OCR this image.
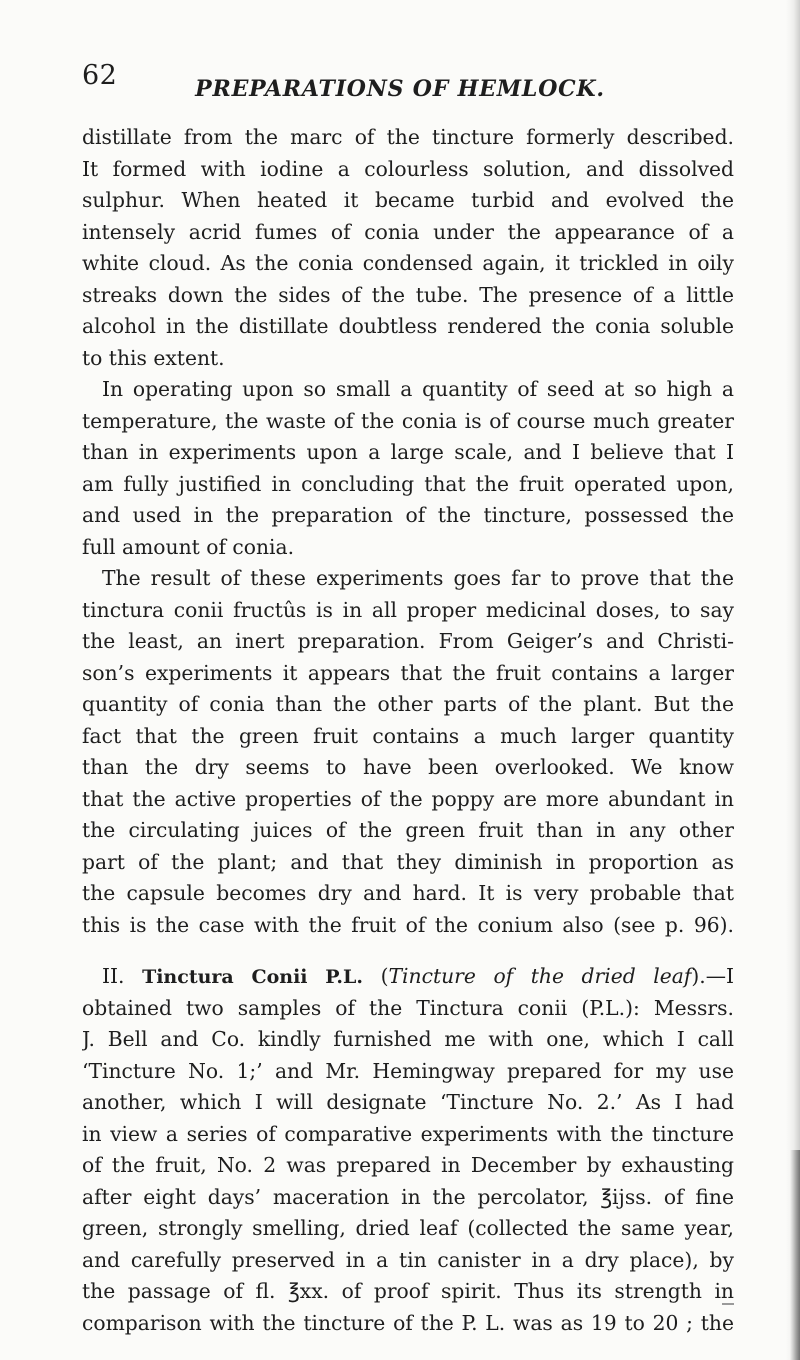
62	PREPARATIONS OF HEMLOCK.
distillate from the marc of the tincture formerly described.
It formed with iodine a colourless solution, and dissolved
sulphur. When heated it became turbid and evolved the
intensely acrid fumes of conia under the appearance of a
white cloud. As the conia condensed again, it trickled in oily
streaks down the sides of the tube. The presence of a little
alcohol in the distillate doubtless rendered the conia soluble
to this extent.
In operating upon so small a quantity of seed at so high a
temperature, the waste of the conia is of course much greater
than in experiments upon a large scale, and I believe that I
am fully justified in concluding that the fruit operated upon,
and used in the preparation of the tincture, possessed the
full amount of conia.
The result of these experiments goes far to prove that the
tinctura conii fructûs is in all proper medicinal doses, to say
the least, an inert preparation. From Geiger’s and Christi-
son’s experiments it appears that the fruit contains a larger
quantity of conia than the other parts of the plant. But the
fact that the green fruit contains a much larger quantity
than the dry seems to have been overlooked. We know
that the active properties of the poppy are more abundant in
the circulating juices of the green fruit than in any other
part of the plant; and that they diminish in proportion as
the capsule becomes dry and hard. It is very probable that
this is the case with the fruit of the conium also (see p. 96).
II. Tinctura Conii P.L. (Tincture of the dried leaf).—I
obtained two samples of the Tinctura conii (P.L.): Messrs.
J. Bell and Co. kindly furnished me with one, which I call
‘Tincture No. 1;’ and Mr. Hemingway prepared for my use
another, which I will designate ‘Tincture No. 2.’ As I had
in view a series of comparative experiments with the tincture
of the fruit, No. 2 was prepared in December by exhausting
after eight days’ maceration in the percolator, ℥ijss. of fine
green, strongly smelling, dried leaf (collected the same year,
and carefully preserved in a tin canister in a dry place), by
the passage of fl. ℥xx. of proof spirit. Thus its strength in
comparison with the tincture of the P. L. was as 19 to 20 ; the
